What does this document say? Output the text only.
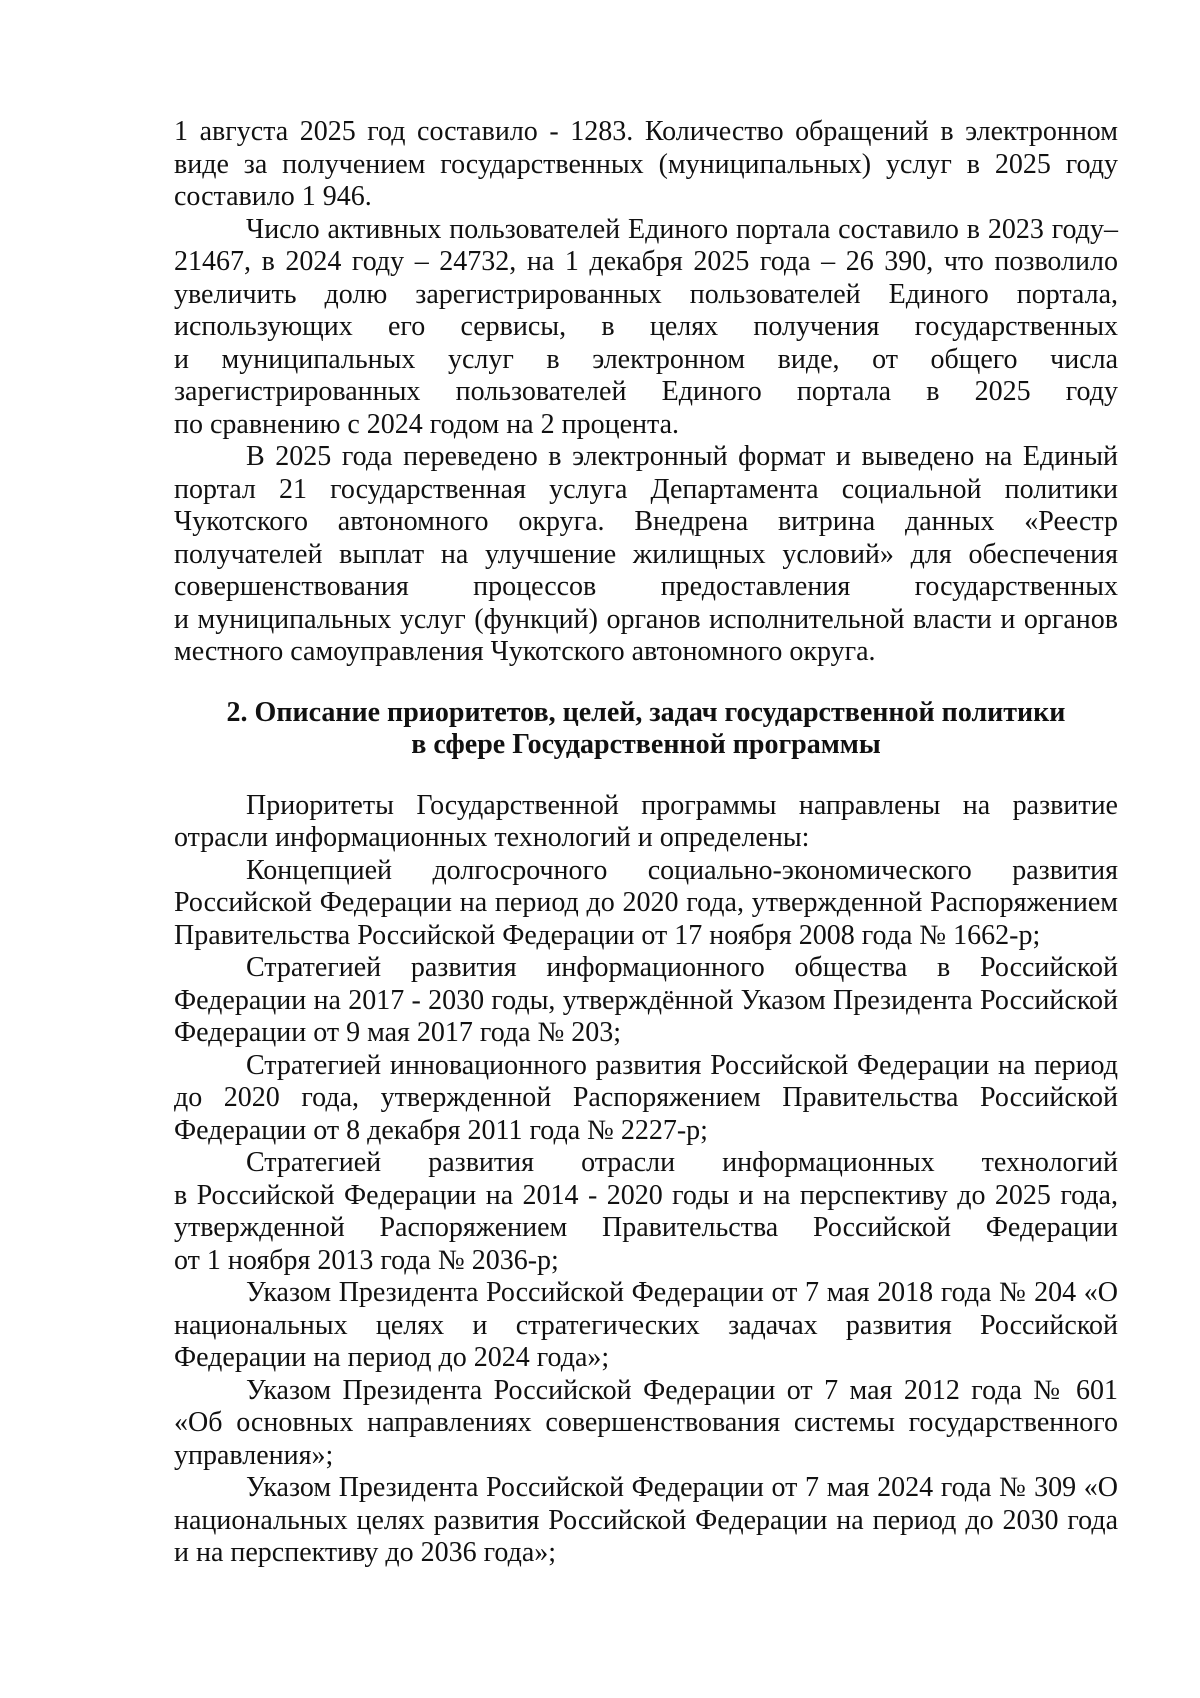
1 августа 2025 год составило - 1283. Количество обращений в электронном
виде за получением государственных (муниципальных) услуг в 2025 году
составило 1 946.
Число активных пользователей Единого портала составило в 2023 году–
21467, в 2024 году – 24732, на 1 декабря 2025 года – 26 390, что позволило
увеличить долю зарегистрированных пользователей Единого портала,
использующих его сервисы, в целях получения государственных
и муниципальных услуг в электронном виде, от общего числа
зарегистрированных пользователей Единого портала в 2025 году
по сравнению с 2024 годом на 2 процента.
В 2025 года переведено в электронный формат и выведено на Единый
портал 21 государственная услуга Департамента социальной политики
Чукотского автономного округа. Внедрена витрина данных «Реестр
получателей выплат на улучшение жилищных условий» для обеспечения
совершенствования процессов предоставления государственных
и муниципальных услуг (функций) органов исполнительной власти и органов
местного самоуправления Чукотского автономного округа.
2. Описание приоритетов, целей, задач государственной политики
в сфере Государственной программы
Приоритеты Государственной программы направлены на развитие
отрасли информационных технологий и определены:
Концепцией долгосрочного социально-экономического развития
Российской Федерации на период до 2020 года, утвержденной Распоряжением
Правительства Российской Федерации от 17 ноября 2008 года № 1662-р;
Стратегией развития информационного общества в Российской
Федерации на 2017 - 2030 годы, утверждённой Указом Президента Российской
Федерации от 9 мая 2017 года № 203;
Стратегией инновационного развития Российской Федерации на период
до 2020 года, утвержденной Распоряжением Правительства Российской
Федерации от 8 декабря 2011 года № 2227-р;
Стратегией развития отрасли информационных технологий
в Российской Федерации на 2014 - 2020 годы и на перспективу до 2025 года,
утвержденной Распоряжением Правительства Российской Федерации
от 1 ноября 2013 года № 2036-р;
Указом Президента Российской Федерации от 7 мая 2018 года № 204 «О
национальных целях и стратегических задачах развития Российской
Федерации на период до 2024 года»;
Указом Президента Российской Федерации от 7 мая 2012 года № 601
«Об основных направлениях совершенствования системы государственного
управления»;
Указом Президента Российской Федерации от 7 мая 2024 года № 309 «О
национальных целях развития Российской Федерации на период до 2030 года
и на перспективу до 2036 года»;
